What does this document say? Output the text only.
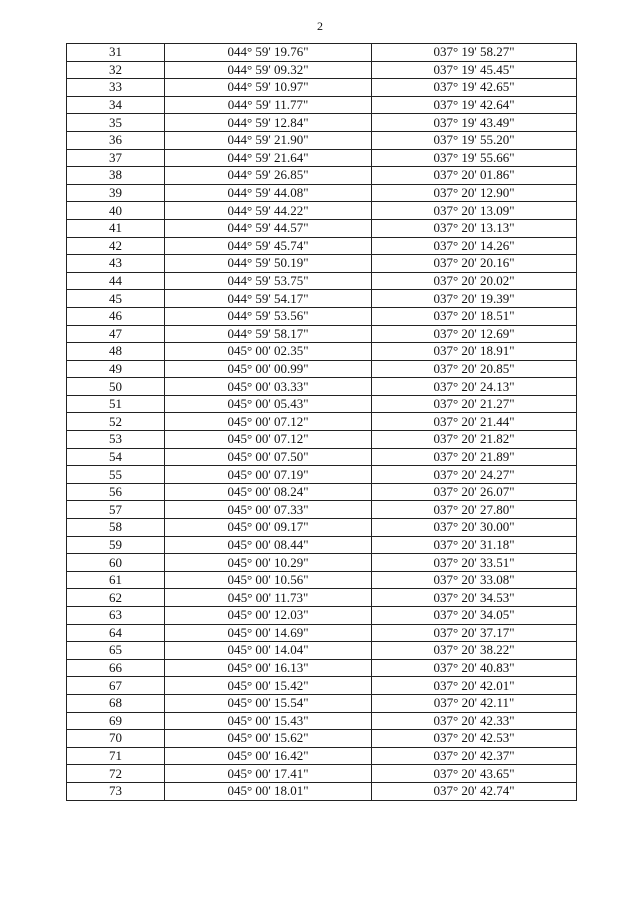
2
31	044° 59' 19.76"	037° 19' 58.27"
32	044° 59' 09.32"	037° 19' 45.45"
33	044° 59' 10.97"	037° 19' 42.65"
34	044° 59' 11.77"	037° 19' 42.64"
35	044° 59' 12.84"	037° 19' 43.49"
36	044° 59' 21.90"	037° 19' 55.20"
37	044° 59' 21.64"	037° 19' 55.66"
38	044° 59' 26.85"	037° 20' 01.86"
39	044° 59' 44.08"	037° 20' 12.90"
40	044° 59' 44.22"	037° 20' 13.09"
41	044° 59' 44.57"	037° 20' 13.13"
42	044° 59' 45.74"	037° 20' 14.26"
43	044° 59' 50.19"	037° 20' 20.16"
44	044° 59' 53.75"	037° 20' 20.02"
45	044° 59' 54.17"	037° 20' 19.39"
46	044° 59' 53.56"	037° 20' 18.51"
47	044° 59' 58.17"	037° 20' 12.69"
48	045° 00' 02.35"	037° 20' 18.91"
49	045° 00' 00.99"	037° 20' 20.85"
50	045° 00' 03.33"	037° 20' 24.13"
51	045° 00' 05.43"	037° 20' 21.27"
52	045° 00' 07.12"	037° 20' 21.44"
53	045° 00' 07.12"	037° 20' 21.82"
54	045° 00' 07.50"	037° 20' 21.89"
55	045° 00' 07.19"	037° 20' 24.27"
56	045° 00' 08.24"	037° 20' 26.07"
57	045° 00' 07.33"	037° 20' 27.80"
58	045° 00' 09.17"	037° 20' 30.00"
59	045° 00' 08.44"	037° 20' 31.18"
60	045° 00' 10.29"	037° 20' 33.51"
61	045° 00' 10.56"	037° 20' 33.08"
62	045° 00' 11.73"	037° 20' 34.53"
63	045° 00' 12.03"	037° 20' 34.05"
64	045° 00' 14.69"	037° 20' 37.17"
65	045° 00' 14.04"	037° 20' 38.22"
66	045° 00' 16.13"	037° 20' 40.83"
67	045° 00' 15.42"	037° 20' 42.01"
68	045° 00' 15.54"	037° 20' 42.11"
69	045° 00' 15.43"	037° 20' 42.33"
70	045° 00' 15.62"	037° 20' 42.53"
71	045° 00' 16.42"	037° 20' 42.37"
72	045° 00' 17.41"	037° 20' 43.65"
73	045° 00' 18.01"	037° 20' 42.74"
